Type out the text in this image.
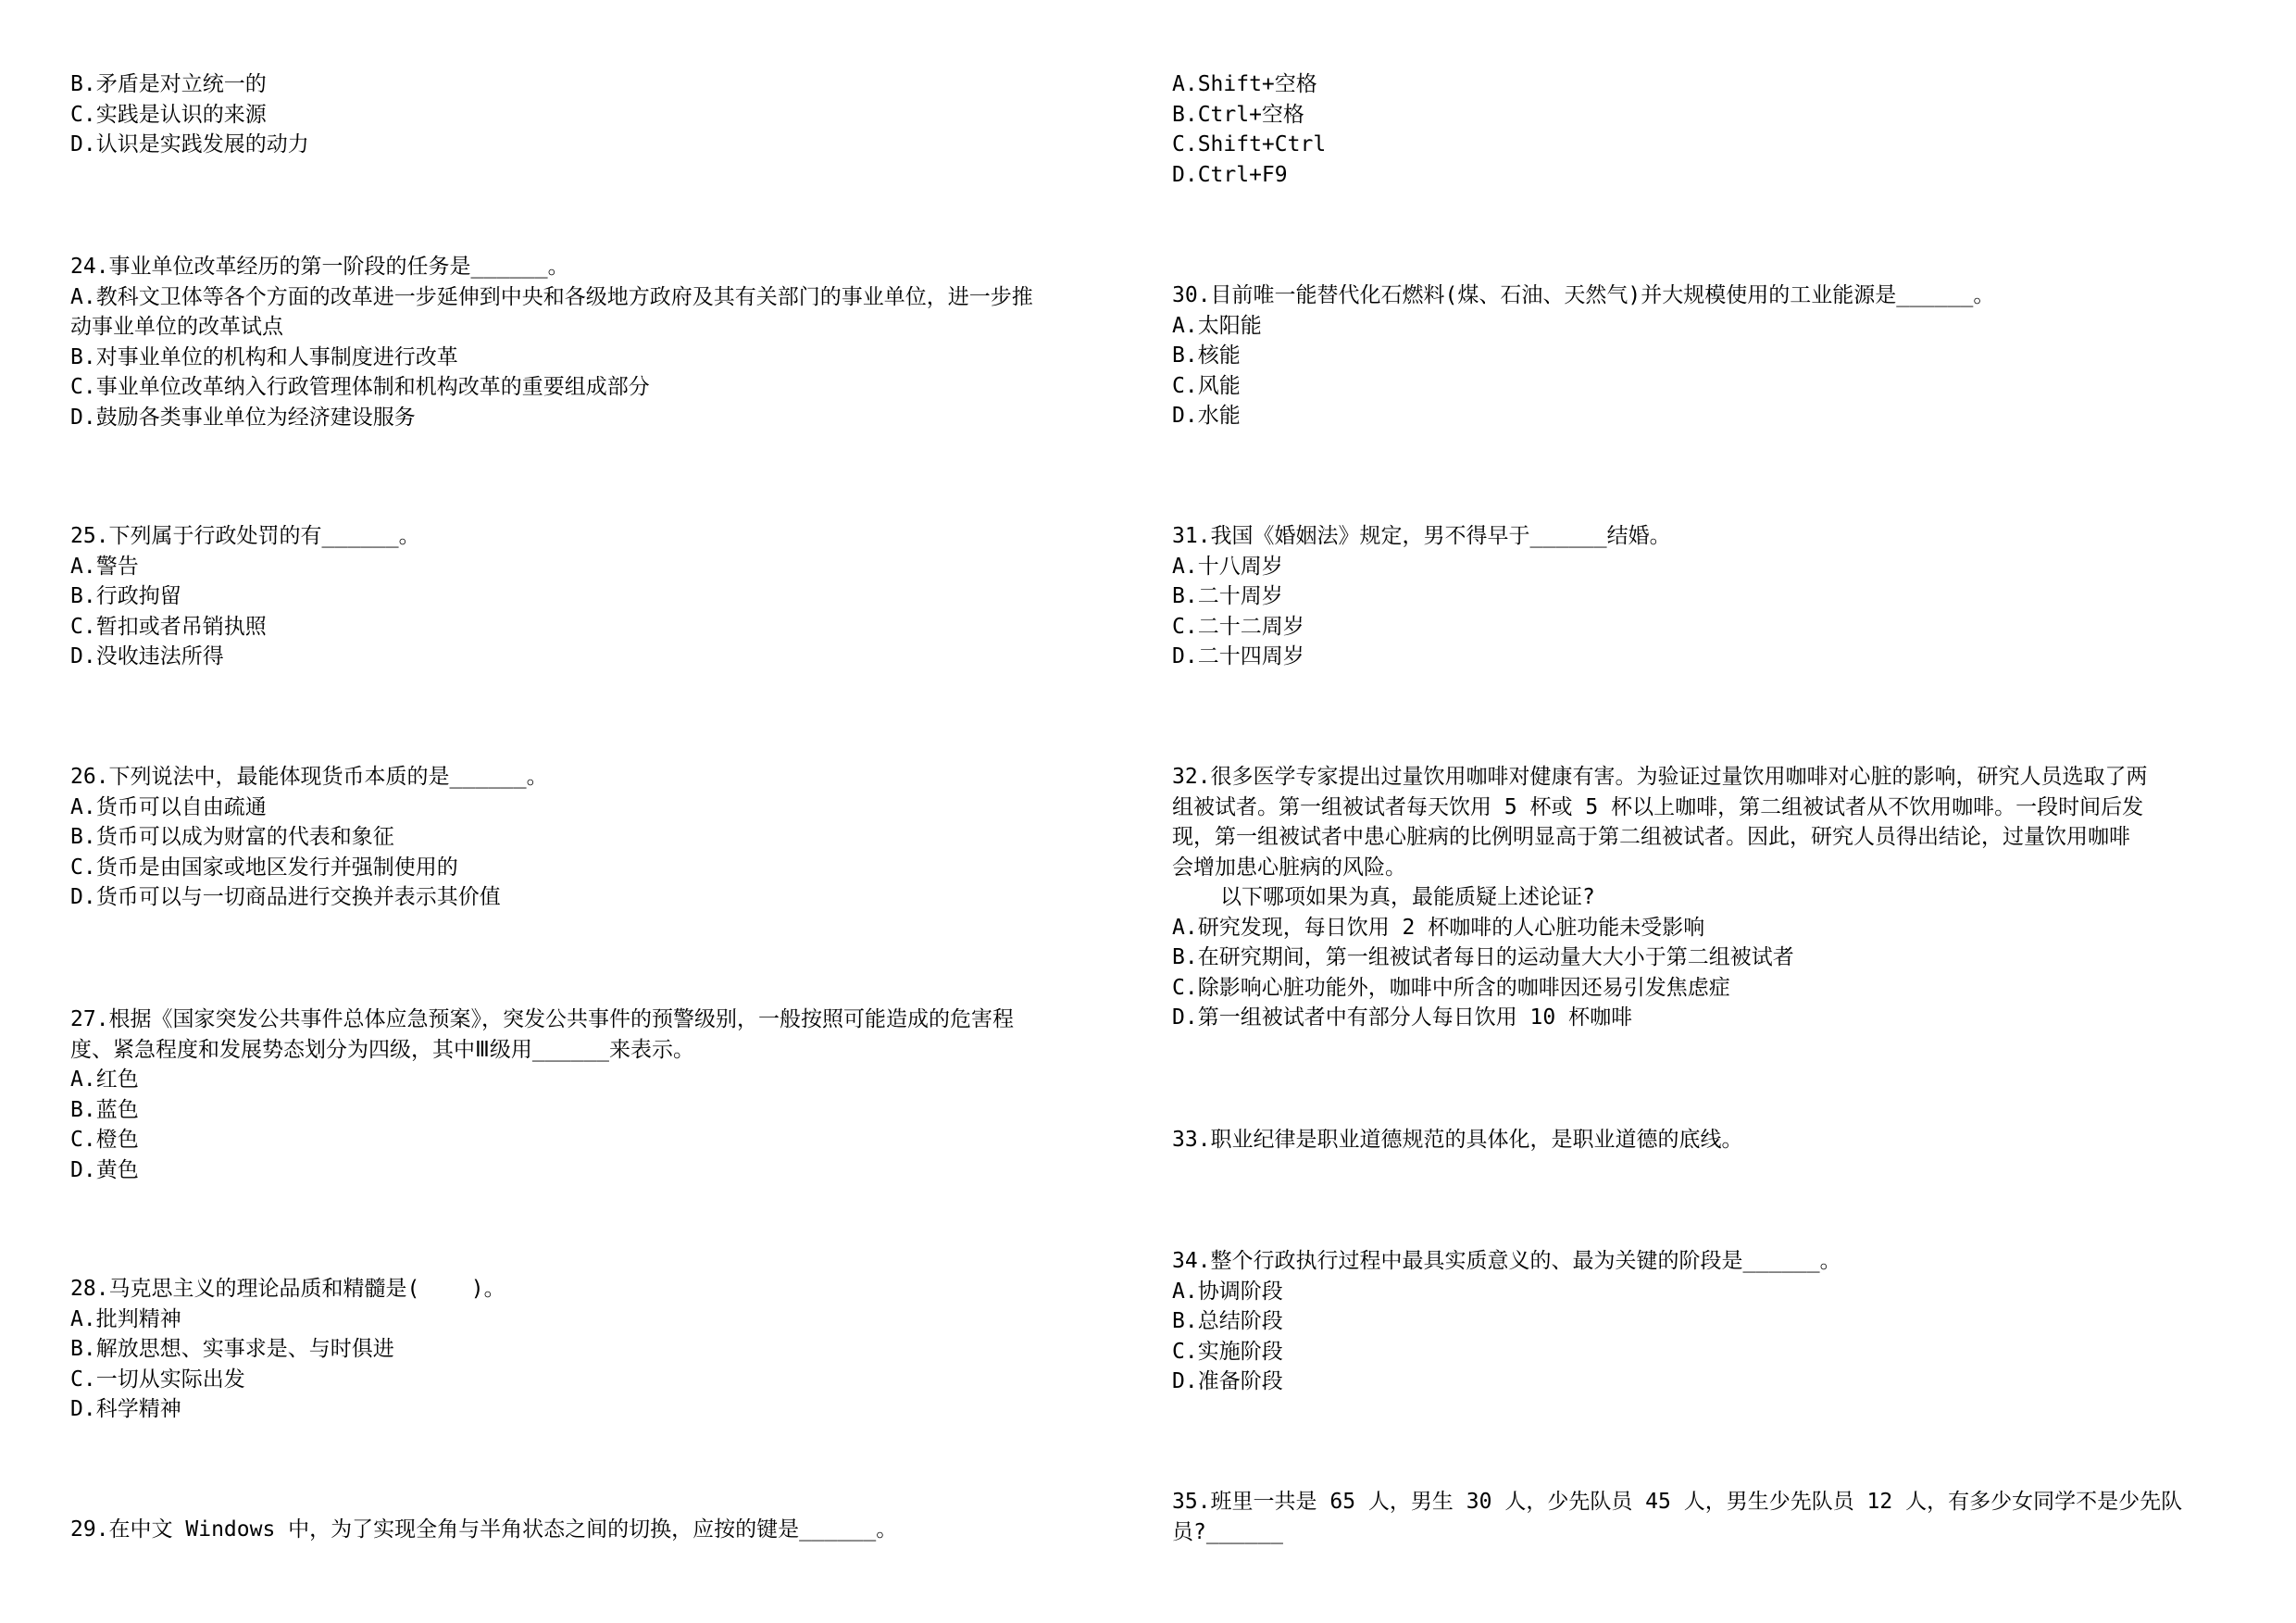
B.矛盾是对立统一的
C.实践是认识的来源
D.认识是实践发展的动力
24.事业单位改革经历的第一阶段的任务是______。
A.教科文卫体等各个方面的改革进一步延伸到中央和各级地方政府及其有关部门的事业单位，进一步推
动事业单位的改革试点
B.对事业单位的机构和人事制度进行改革
C.事业单位改革纳入行政管理体制和机构改革的重要组成部分
D.鼓励各类事业单位为经济建设服务
25.下列属于行政处罚的有______。
A.警告
B.行政拘留
C.暂扣或者吊销执照
D.没收违法所得
26.下列说法中，最能体现货币本质的是______。
A.货币可以自由疏通
B.货币可以成为财富的代表和象征
C.货币是由国家或地区发行并强制使用的
D.货币可以与一切商品进行交换并表示其价值
27.根据《国家突发公共事件总体应急预案》，突发公共事件的预警级别，一般按照可能造成的危害程
度、紧急程度和发展势态划分为四级，其中Ⅲ级用______来表示。
A.红色
B.蓝色
C.橙色
D.黄色
28.马克思主义的理论品质和精髓是(    )。
A.批判精神
B.解放思想、实事求是、与时俱进
C.一切从实际出发
D.科学精神
29.在中文 Windows 中，为了实现全角与半角状态之间的切换，应按的键是______。
A.Shift+空格
B.Ctrl+空格
C.Shift+Ctrl
D.Ctrl+F9
30.目前唯一能替代化石燃料(煤、石油、天然气)并大规模使用的工业能源是______。
A.太阳能
B.核能
C.风能
D.水能
31.我国《婚姻法》规定，男不得早于______结婚。
A.十八周岁
B.二十周岁
C.二十二周岁
D.二十四周岁
32.很多医学专家提出过量饮用咖啡对健康有害。为验证过量饮用咖啡对心脏的影响，研究人员选取了两
组被试者。第一组被试者每天饮用 5 杯或 5 杯以上咖啡，第二组被试者从不饮用咖啡。一段时间后发
现，第一组被试者中患心脏病的比例明显高于第二组被试者。因此，研究人员得出结论，过量饮用咖啡
会增加患心脏病的风险。
以下哪项如果为真，最能质疑上述论证?
A.研究发现，每日饮用 2 杯咖啡的人心脏功能未受影响
B.在研究期间，第一组被试者每日的运动量大大小于第二组被试者
C.除影响心脏功能外，咖啡中所含的咖啡因还易引发焦虑症
D.第一组被试者中有部分人每日饮用 10 杯咖啡
33.职业纪律是职业道德规范的具体化，是职业道德的底线。
34.整个行政执行过程中最具实质意义的、最为关键的阶段是______。
A.协调阶段
B.总结阶段
C.实施阶段
D.准备阶段
35.班里一共是 65 人，男生 30 人，少先队员 45 人，男生少先队员 12 人，有多少女同学不是少先队
员?______
